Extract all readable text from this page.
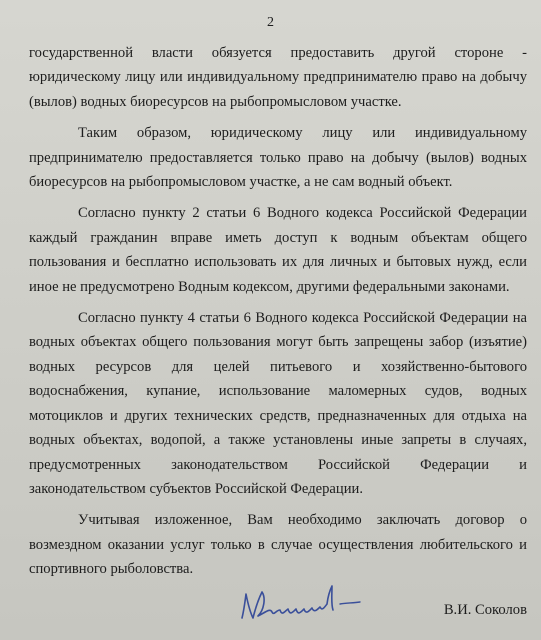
2

государственной власти обязуется предоставить другой стороне - юридическому лицу или индивидуальному предпринимателю право на добычу (вылов) водных биоресурсов на рыбопромысловом участке.

Таким образом, юридическому лицу или индивидуальному предпринимателю предоставляется только право на добычу (вылов) водных биоресурсов на рыбопромысловом участке, а не сам водный объект.

Согласно пункту 2 статьи 6 Водного кодекса Российской Федерации каждый гражданин вправе иметь доступ к водным объектам общего пользования и бесплатно использовать их для личных и бытовых нужд, если иное не предусмотрено Водным кодексом, другими федеральными законами.

Согласно пункту 4 статьи 6 Водного кодекса Российской Федерации на водных объектах общего пользования могут быть запрещены забор (изъятие) водных ресурсов для целей питьевого и хозяйственно-бытового водоснабжения, купание, использование маломерных судов, водных мотоциклов и других технических средств, предназначенных для отдыха на водных объектах, водопой, а также установлены иные запреты в случаях, предусмотренных законодательством Российской Федерации и законодательством субъектов Российской Федерации.

Учитывая изложенное, Вам необходимо заключать договор о возмездном оказании услуг только в случае осуществления любительского и спортивного рыболовства.

В.И. Соколов
